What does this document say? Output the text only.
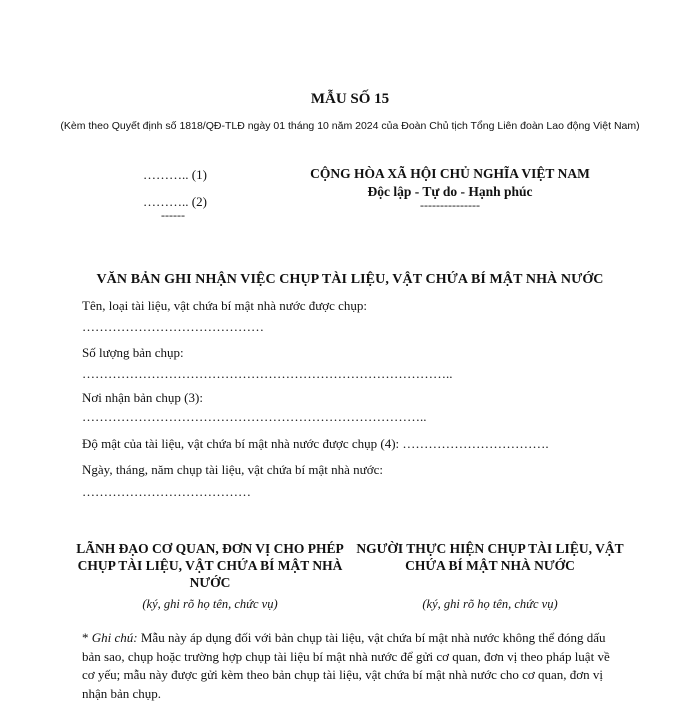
MẪU SỐ 15
(Kèm theo Quyết định số 1818/QĐ-TLĐ ngày 01 tháng 10 năm 2024 của Đoàn Chủ tịch Tổng Liên đoàn Lao động Việt Nam)
……….. (1)
……….. (2)
------
CỘNG HÒA XÃ HỘI CHỦ NGHĨA VIỆT NAM
Độc lập - Tự do - Hạnh phúc
---------------
VĂN BẢN GHI NHẬN VIỆC CHỤP TÀI LIỆU, VẬT CHỨA BÍ MẬT NHÀ NƯỚC
Tên, loại tài liệu, vật chứa bí mật nhà nước được chụp:
……………………………………
Số lượng bản chụp:
…………………………………………………………………………..
Nơi nhận bản chụp (3):
……………………………………………………………………..
Độ mật của tài liệu, vật chứa bí mật nhà nước được chụp (4): …………………………….
Ngày, tháng, năm chụp tài liệu, vật chứa bí mật nhà nước:
…………………………………
LÃNH ĐẠO CƠ QUAN, ĐƠN VỊ CHO PHÉP CHỤP TÀI LIỆU, VẬT CHỨA BÍ MẬT NHÀ NƯỚC
(ký, ghi rõ họ tên, chức vụ)
NGƯỜI THỰC HIỆN CHỤP TÀI LIỆU, VẬT CHỨA BÍ MẬT NHÀ NƯỚC
(ký, ghi rõ họ tên, chức vụ)
* Ghi chú: Mẫu này áp dụng đối với bản chụp tài liệu, vật chứa bí mật nhà nước không thể đóng dấu bản sao, chụp hoặc trường hợp chụp tài liệu bí mật nhà nước để gửi cơ quan, đơn vị theo pháp luật về cơ yếu; mẫu này được gửi kèm theo bản chụp tài liệu, vật chứa bí mật nhà nước cho cơ quan, đơn vị nhận bản chụp.
